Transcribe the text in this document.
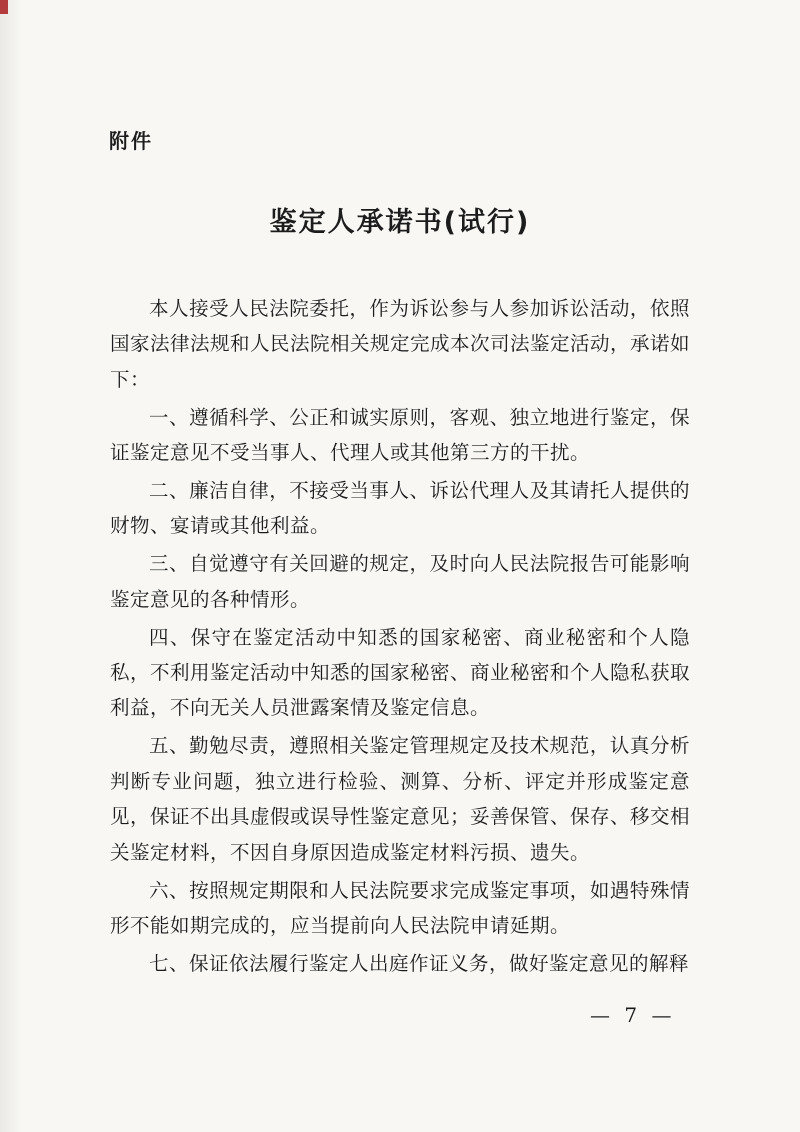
附件
鉴定人承诺书(试行)

本人接受人民法院委托，作为诉讼参与人参加诉讼活动，依照国家法律法规和人民法院相关规定完成本次司法鉴定活动，承诺如下：

一、遵循科学、公正和诚实原则，客观、独立地进行鉴定，保证鉴定意见不受当事人、代理人或其他第三方的干扰。

二、廉洁自律，不接受当事人、诉讼代理人及其请托人提供的财物、宴请或其他利益。

三、自觉遵守有关回避的规定，及时向人民法院报告可能影响鉴定意见的各种情形。

四、保守在鉴定活动中知悉的国家秘密、商业秘密和个人隐私，不利用鉴定活动中知悉的国家秘密、商业秘密和个人隐私获取利益，不向无关人员泄露案情及鉴定信息。

五、勤勉尽责，遵照相关鉴定管理规定及技术规范，认真分析判断专业问题，独立进行检验、测算、分析、评定并形成鉴定意见，保证不出具虚假或误导性鉴定意见；妥善保管、保存、移交相关鉴定材料，不因自身原因造成鉴定材料污损、遗失。

六、按照规定期限和人民法院要求完成鉴定事项，如遇特殊情形不能如期完成的，应当提前向人民法院申请延期。

七、保证依法履行鉴定人出庭作证义务，做好鉴定意见的解释

— 7 —
